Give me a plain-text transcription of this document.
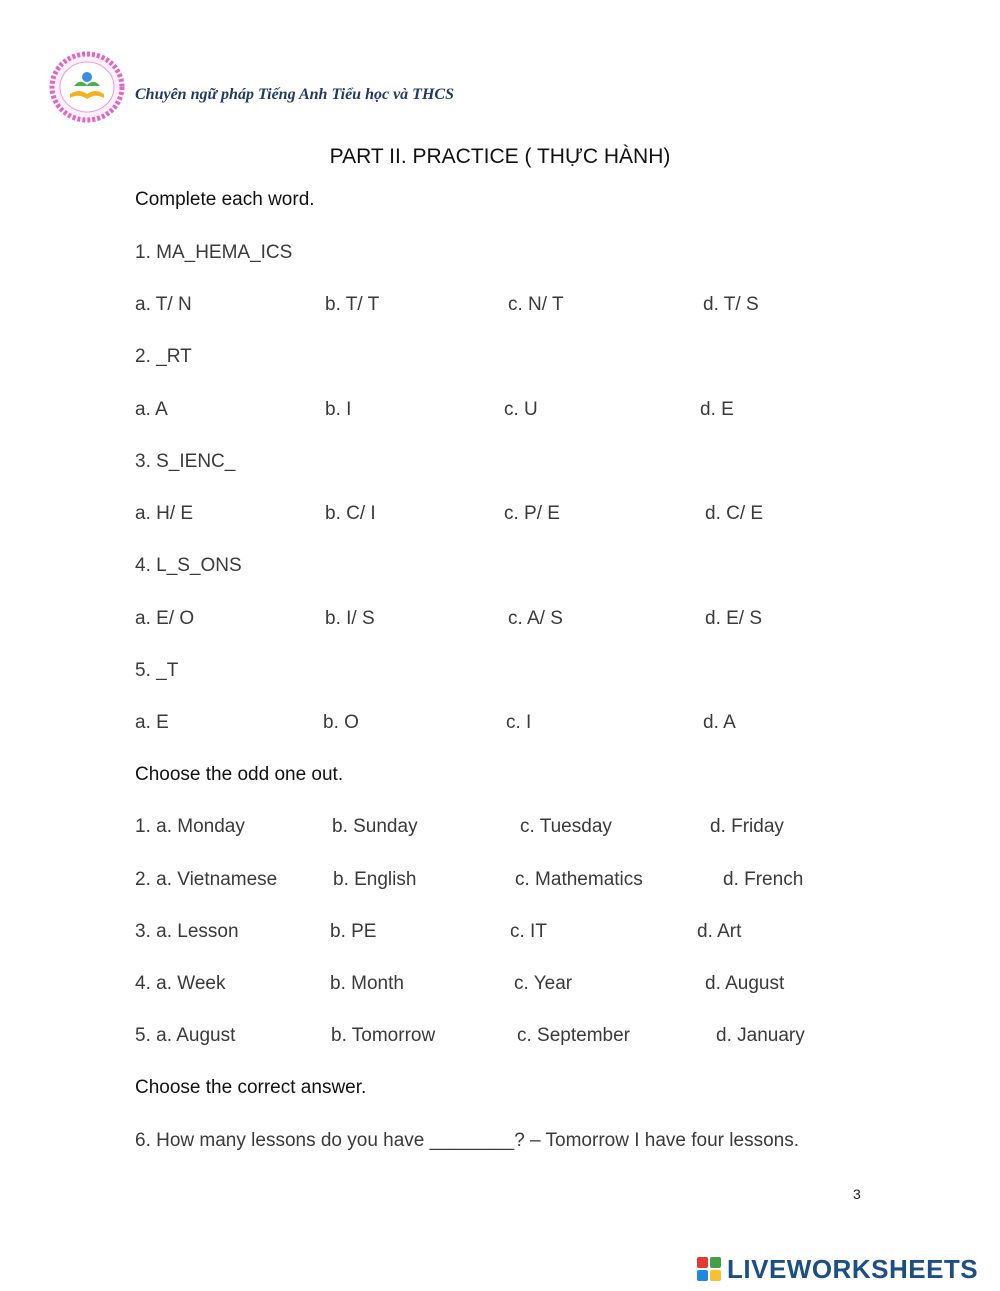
Chuyên ngữ pháp Tiếng Anh Tiểu học và THCS
PART II. PRACTICE ( THỰC HÀNH)
Complete each word.
1. MA_HEMA_ICS
a. T/ N	b. T/ T	c. N/ T	d. T/ S
2. _RT
a. A	b. I	c. U	d. E
3. S_IENC_
a. H/ E	b. C/ I	c. P/ E	d. C/ E
4. L_S_ONS
a. E/ O	b. I/ S	c. A/ S	d. E/ S
5. _T
a. E	b. O	c. I	d. A
Choose the odd one out.
1. a. Monday	b. Sunday	c. Tuesday	d. Friday
2. a. Vietnamese	b. English	c. Mathematics	d. French
3. a. Lesson	b. PE	c. IT	d. Art
4. a. Week	b. Month	c. Year	d. August
5. a. August	b. Tomorrow	c. September	d. January
Choose the correct answer.
6. How many lessons do you have ________? – Tomorrow I have four lessons.
3
LIVEWORKSHEETS
